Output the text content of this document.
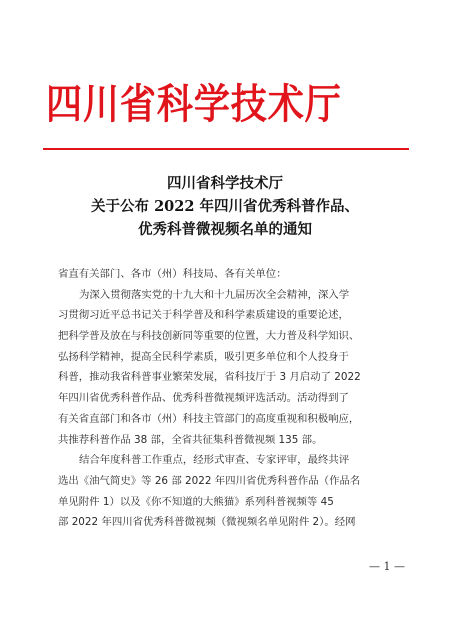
四川省科学技术厅
四川省科学技术厅
关于公布 2022 年四川省优秀科普作品、
优秀科普微视频名单的通知
省直有关部门、各市（州）科技局、各有关单位：
为深入贯彻落实党的十九大和十九届历次全会精神，深入学
习贯彻习近平总书记关于科学普及和科学素质建设的重要论述，
把科学普及放在与科技创新同等重要的位置，大力普及科学知识、
弘扬科学精神，提高全民科学素质，吸引更多单位和个人投身于
科普，推动我省科普事业繁荣发展，省科技厅于 3 月启动了 2022
年四川省优秀科普作品、优秀科普微视频评选活动。活动得到了
有关省直部门和各市（州）科技主管部门的高度重视和积极响应，
共推荐科普作品 38 部，全省共征集科普微视频 135 部。
结合年度科普工作重点，经形式审查、专家评审，最终共评
选出《油气简史》等 26 部 2022 年四川省优秀科普作品（作品名
单见附件 1）以及《你不知道的大熊猫》系列科普视频等 45
部 2022 年四川省优秀科普微视频（微视频名单见附件 2）。经网
— 1 —
